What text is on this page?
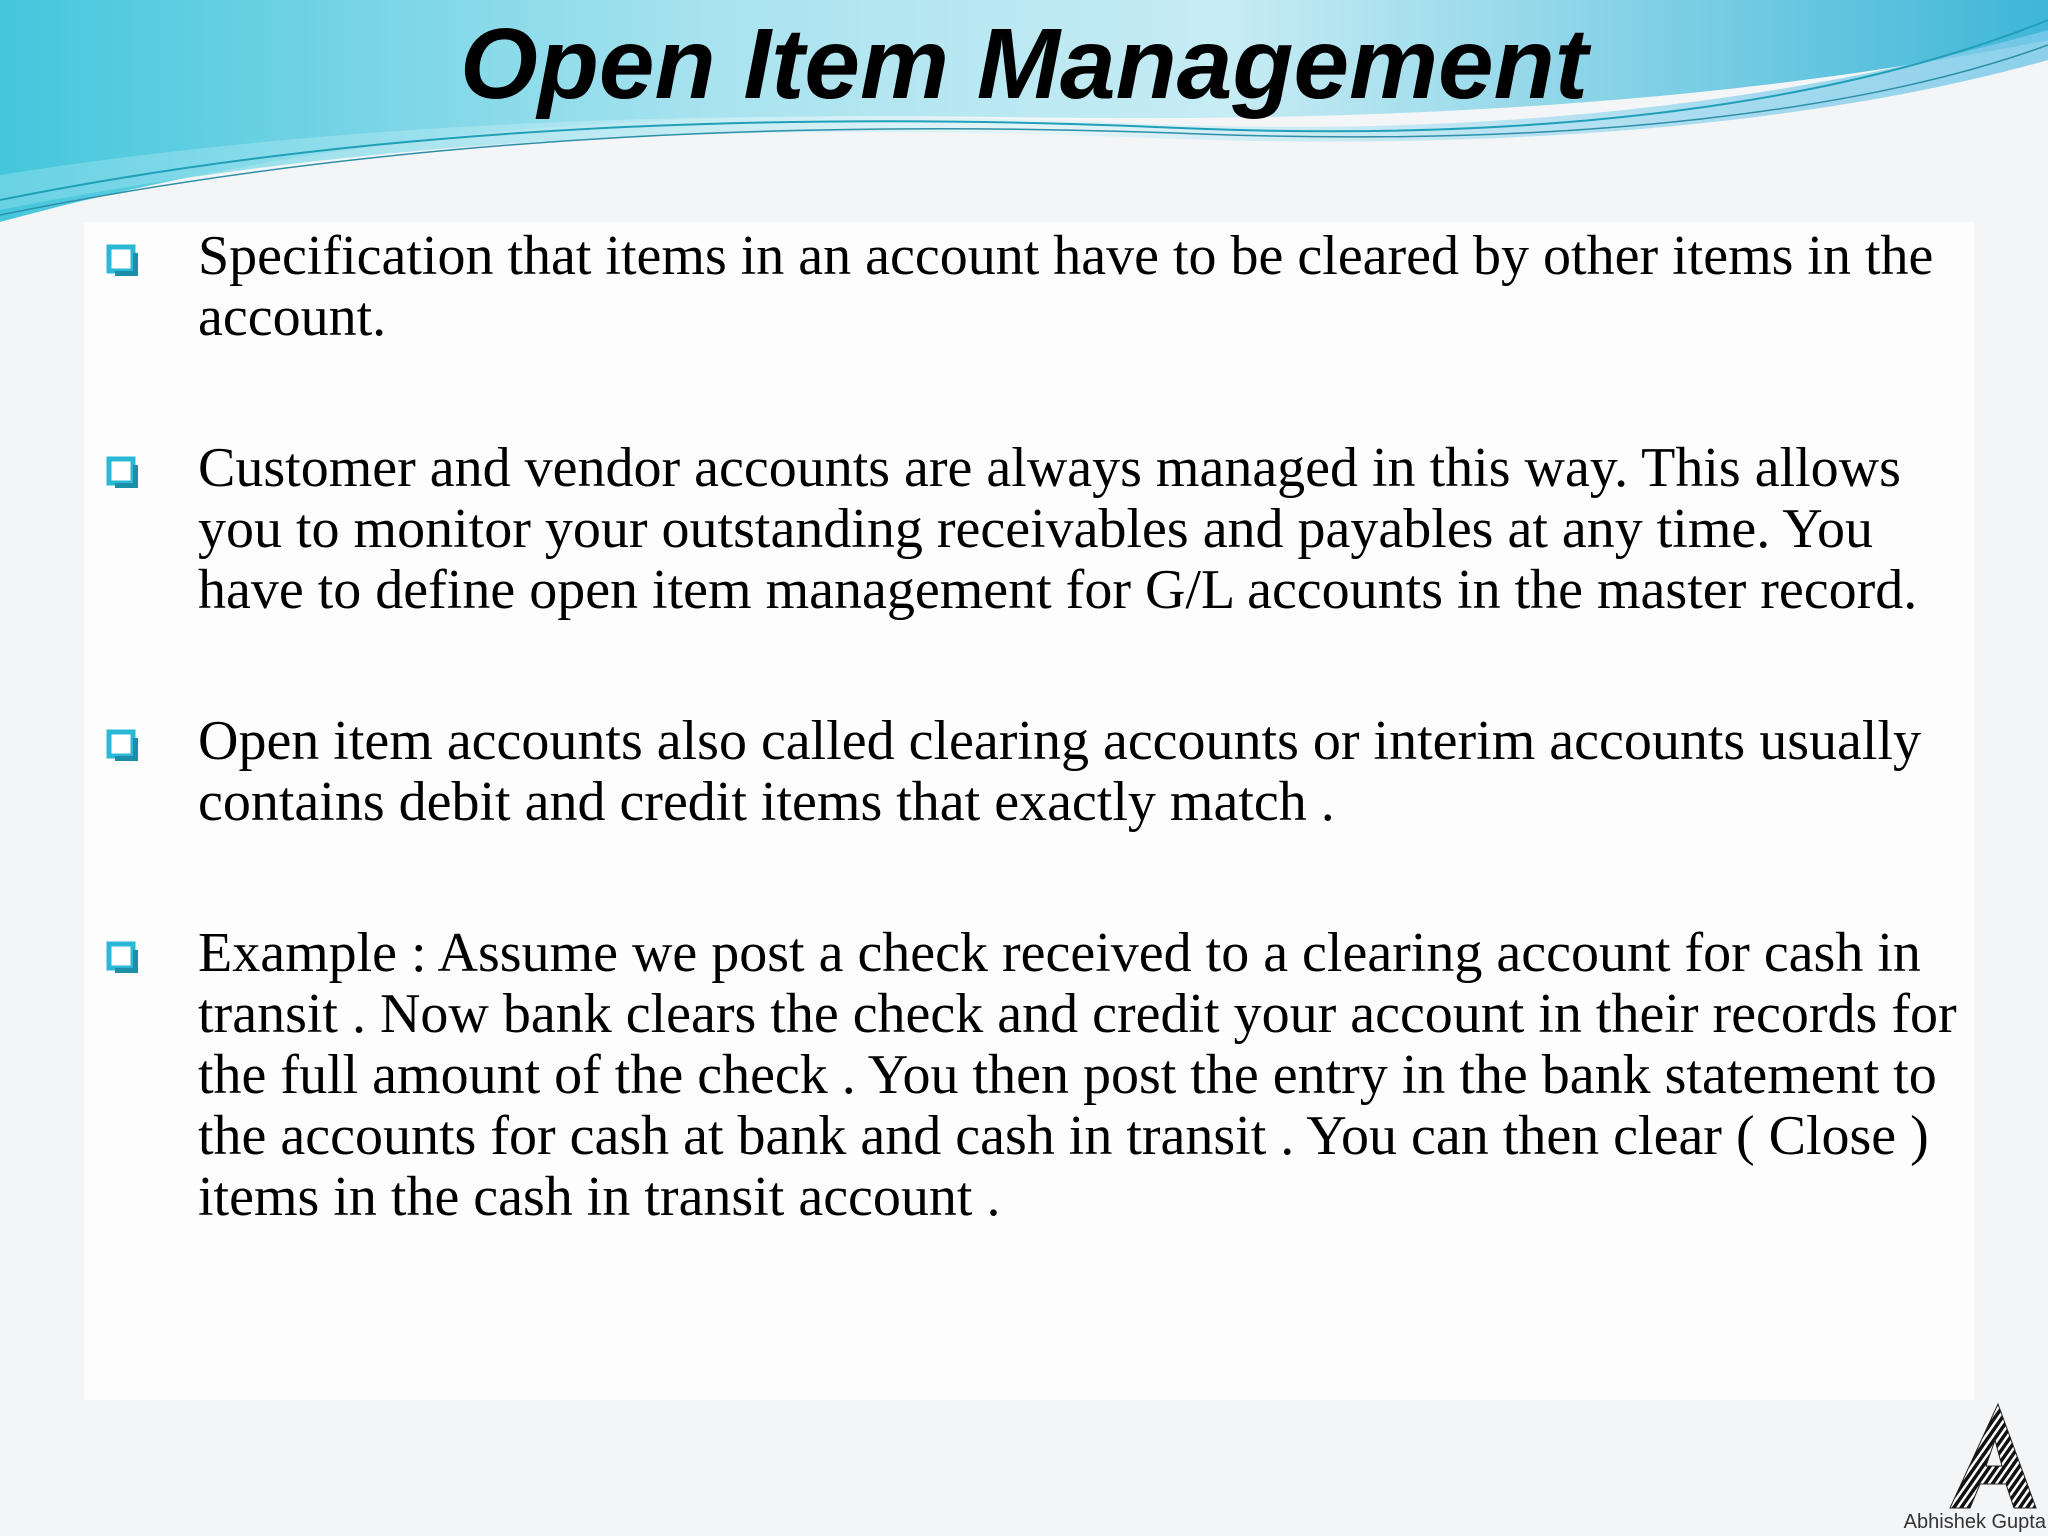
Open Item Management
Specification that items in an account have to be cleared by other items in the account.
Customer and vendor accounts are always managed in this way. This allows you to monitor your outstanding receivables and payables at any time. You have to define open item management for G/L accounts in the master record.
Open item accounts also called clearing accounts or interim accounts usually contains debit and credit items that exactly match .
Example : Assume we post a check received to a clearing account for cash in transit . Now bank clears the check and credit your account in their records for the full amount of the check . You then post the entry in the bank statement to the accounts for cash at bank and cash in transit . You can then clear ( Close ) items in the cash in transit account .
Abhishek Gupta
